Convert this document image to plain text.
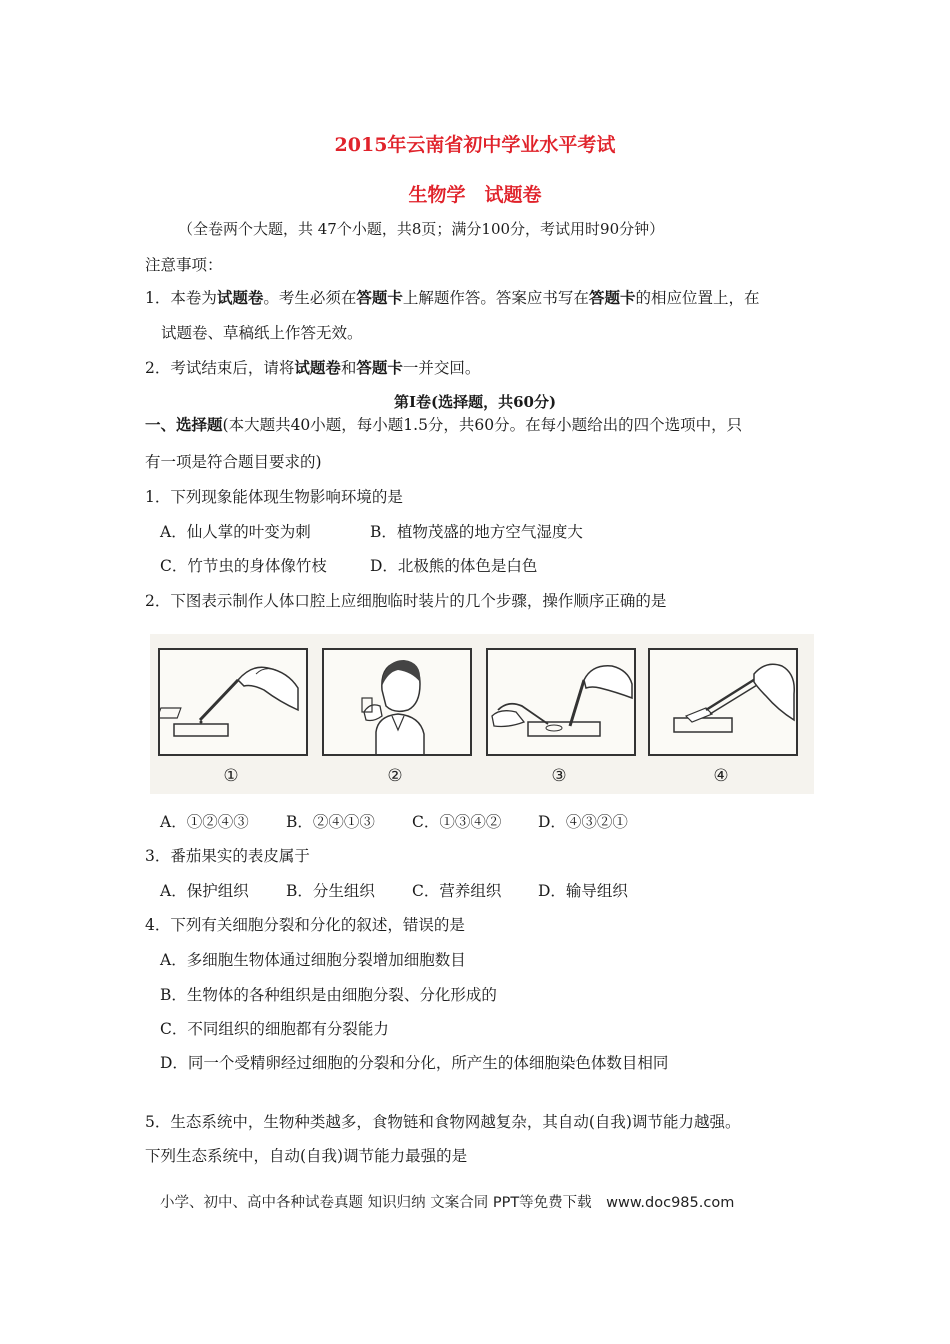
2015年云南省初中学业水平考试
生物学　试题卷
（全卷两个大题，共 47个小题，共8页；满分100分，考试用时90分钟）
注意事项：
1．本卷为试题卷。考生必须在答题卡上解题作答。答案应书写在答题卡的相应位置上，在
试题卷、草稿纸上作答无效。
2．考试结束后，请将试题卷和答题卡一并交回。
第Ⅰ卷(选择题，共60分)
一、选择题(本大题共40小题，每小题1.5分，共60分。在每小题给出的四个选项中，只
有一项是符合题目要求的)
1．下列现象能体现生物影响环境的是
A．仙人掌的叶变为刺	B．植物茂盛的地方空气湿度大
C．竹节虫的身体像竹枝	D．北极熊的体色是白色
2．下图表示制作人体口腔上应细胞临时装片的几个步骤，操作顺序正确的是
①	②	③	④
A．①②④③ B．②④①③ C．①③④② D．④③②①
3．番茄果实的表皮属于
A．保护组织 B．分生组织 C．营养组织 D．输导组织
4．下列有关细胞分裂和分化的叙述，错误的是
A．多细胞生物体通过细胞分裂增加细胞数目
B．生物体的各种组织是由细胞分裂、分化形成的
C．不同组织的细胞都有分裂能力
D．同一个受精卵经过细胞的分裂和分化，所产生的体细胞染色体数目相同
5．生态系统中，生物种类越多，食物链和食物网越复杂，其自动(自我)调节能力越强。
下列生态系统中，自动(自我)调节能力最强的是
小学、初中、高中各种试卷真题 知识归纳 文案合同 PPT等免费下载　www.doc985.com
